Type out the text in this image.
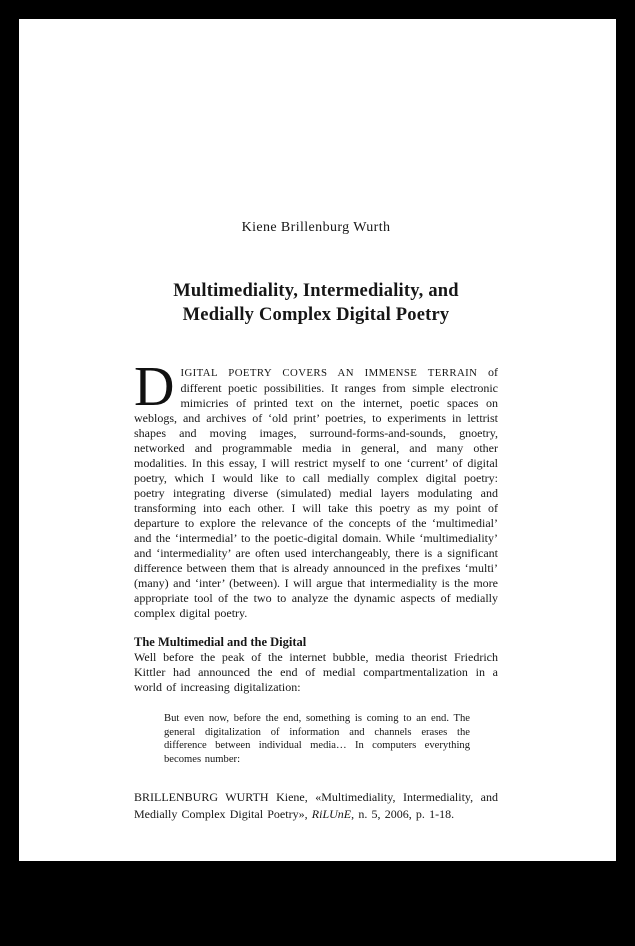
Kiene Brillenburg Wurth
Multimediality, Intermediality, and
Medially Complex Digital Poetry

DIGITAL POETRY COVERS AN IMMENSE TERRAIN of different poetic possibilities. It ranges from simple electronic mimicries of printed text on the internet, poetic spaces on weblogs, and archives of ‘old print’ poetries, to experiments in lettrist shapes and moving images, surround-forms-and-sounds, gnoetry, networked and programmable media in general, and many other modalities. In this essay, I will restrict myself to one ‘current’ of digital poetry, which I would like to call medially complex digital poetry: poetry integrating diverse (simulated) medial layers modulating and transforming into each other. I will take this poetry as my point of departure to explore the relevance of the concepts of the ‘multimedial’ and the ‘intermedial’ to the poetic-digital domain. While ‘multimediality’ and ‘intermediality’ are often used interchangeably, there is a significant difference between them that is already announced in the prefixes ‘multi’ (many) and ‘inter’ (between). I will argue that intermediality is the more appropriate tool of the two to analyze the dynamic aspects of medially complex digital poetry.

The Multimedial and the Digital

Well before the peak of the internet bubble, media theorist Friedrich Kittler had announced the end of medial compartmentalization in a world of increasing digitalization:

But even now, before the end, something is coming to an end. The general digitalization of information and channels erases the difference between individual media… In computers everything becomes number:

BRILLENBURG WURTH Kiene, «Multimediality, Intermediality, and Medially Complex Digital Poetry», RiLUnE, n. 5, 2006, p. 1-18.
